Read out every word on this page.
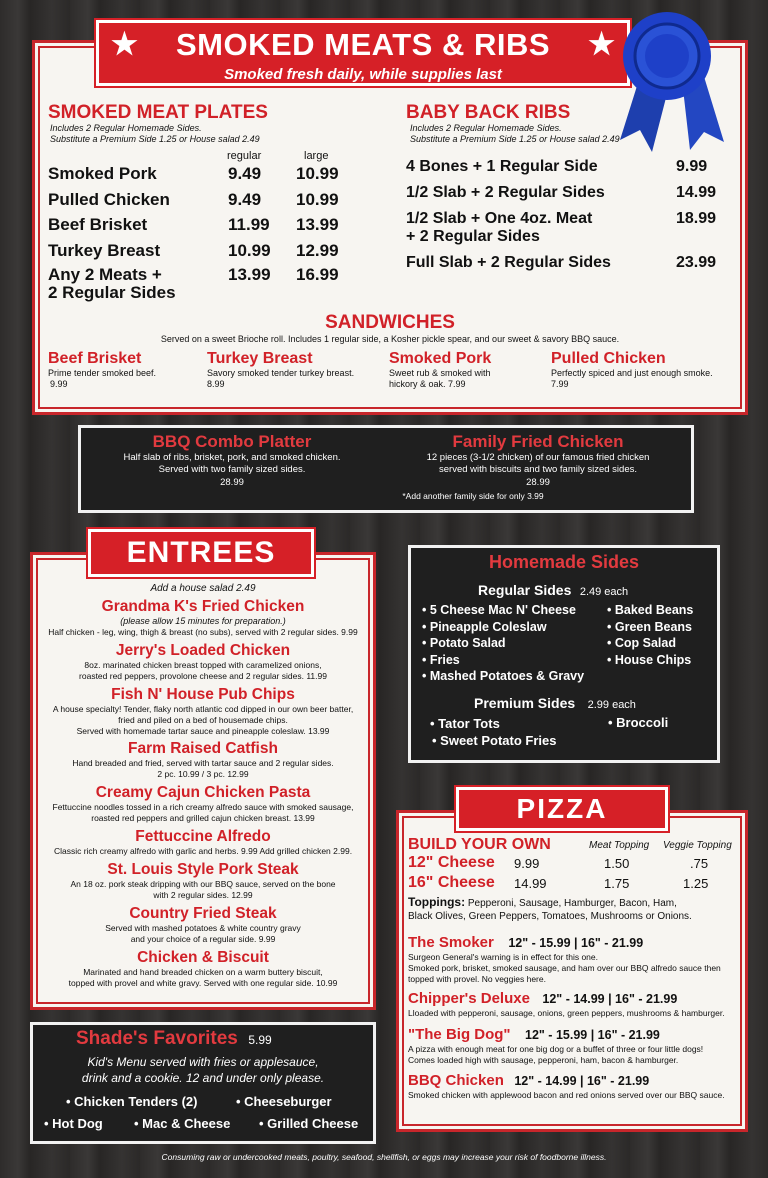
★	★
SMOKED MEATS & RIBS
Smoked fresh daily, while supplies last
SMOKED MEAT PLATES
Includes 2 Regular Homemade Sides.
Substitute a Premium Side 1.25 or House salad 2.49
regular	large
Smoked Pork	9.49 10.99
Pulled Chicken	9.49 10.99
Beef Brisket	11.99 13.99
Turkey Breast	10.99 12.99
Any 2 Meats +
2 Regular Sides
13.99 16.99
BABY BACK RIBS
Includes 2 Regular Homemade Sides.
Substitute a Premium Side 1.25 or House salad 2.49
4 Bones + 1 Regular Side	9.99
1/2 Slab + 2 Regular Sides	14.99
1/2 Slab + One 4oz. Meat
+ 2 Regular Sides
18.99
Full Slab + 2 Regular Sides	23.99
SANDWICHES
Served on a sweet Brioche roll. Includes 1 regular side, a Kosher pickle spear, and our sweet & savory BBQ sauce.
Beef Brisket
Prime tender smoked beef.
9.99
Turkey Breast
Savory smoked tender turkey breast.
8.99
Smoked Pork
Sweet rub & smoked with
hickory & oak. 7.99
Pulled Chicken
Perfectly spiced and just enough smoke.
7.99
BBQ Combo Platter
Half slab of ribs, brisket, pork, and smoked chicken.
Served with two family sized sides.
28.99
Family Fried Chicken
12 pieces (3-1/2 chicken) of our famous fried chicken
served with biscuits and two family sized sides.
28.99
*Add another family side for only 3.99
ENTREES
Add a house salad 2.49
Grandma K's Fried Chicken
(please allow 15 minutes for preparation.)
Half chicken - leg, wing, thigh & breast (no subs), served with 2 regular sides. 9.99
Jerry's Loaded Chicken
8oz. marinated chicken breast topped with caramelized onions,
roasted red peppers, provolone cheese and 2 regular sides. 11.99
Fish N' House Pub Chips
A house specialty! Tender, flaky north atlantic cod dipped in our own beer batter,
fried and piled on a bed of housemade chips.
Served with homemade tartar sauce and pineapple coleslaw. 13.99
Farm Raised Catfish
Hand breaded and fried, served with tartar sauce and 2 regular sides.
2 pc. 10.99 / 3 pc. 12.99
Creamy Cajun Chicken Pasta
Fettuccine noodles tossed in a rich creamy alfredo sauce with smoked sausage,
roasted red peppers and grilled cajun chicken breast. 13.99
Fettuccine Alfredo
Classic rich creamy alfredo with garlic and herbs. 9.99 Add grilled chicken 2.99.
St. Louis Style Pork Steak
An 18 oz. pork steak dripping with our BBQ sauce, served on the bone
with 2 regular sides. 12.99
Country Fried Steak
Served with mashed potatoes & white country gravy
and your choice of a regular side. 9.99
Chicken & Biscuit
Marinated and hand breaded chicken on a warm buttery biscuit,
topped with provel and white gravy. Served with one regular side. 10.99
Shade's Favorites 5.99
Kid's Menu served with fries or applesauce,
drink and a cookie. 12 and under only please.
• Chicken Tenders (2)	• Cheeseburger
• Hot Dog • Mac & Cheese • Grilled Cheese
Homemade Sides
Regular Sides 2.49 each
• 5 Cheese Mac N' Cheese
• Pineapple Coleslaw
• Potato Salad
• Fries
• Mashed Potatoes & Gravy
• Baked Beans
• Green Beans
• Cop Salad
• House Chips
Premium Sides 2.99 each
• Tator Tots
• Sweet Potato Fries
• Broccoli
PIZZA
BUILD YOUR OWN	Meat Topping Veggie Topping
12" Cheese 9.99	1.50	.75
16" Cheese 14.99	1.75	1.25
Toppings: Pepperoni, Sausage, Hamburger, Bacon, Ham,
Black Olives, Green Peppers, Tomatoes, Mushrooms or Onions.
The Smoker 12" - 15.99 | 16" - 21.99
Surgeon General's warning is in effect for this one.
Smoked pork, brisket, smoked sausage, and ham over our BBQ alfredo sauce then
topped with provel. No veggies here.
Chipper's Deluxe 12" - 14.99 | 16" - 21.99
Lloaded with pepperoni, sausage, onions, green peppers, mushrooms & hamburger.
"The Big Dog" 12" - 15.99 | 16" - 21.99
A pizza with enough meat for one big dog or a buffet of three or four little dogs!
Comes loaded high with sausage, pepperoni, ham, bacon & hamburger.
BBQ Chicken 12" - 14.99 | 16" - 21.99
Smoked chicken with applewood bacon and red onions served over our BBQ sauce.
Consuming raw or undercooked meats, poultry, seafood, shellfish, or eggs may increase your risk of foodborne illness.
